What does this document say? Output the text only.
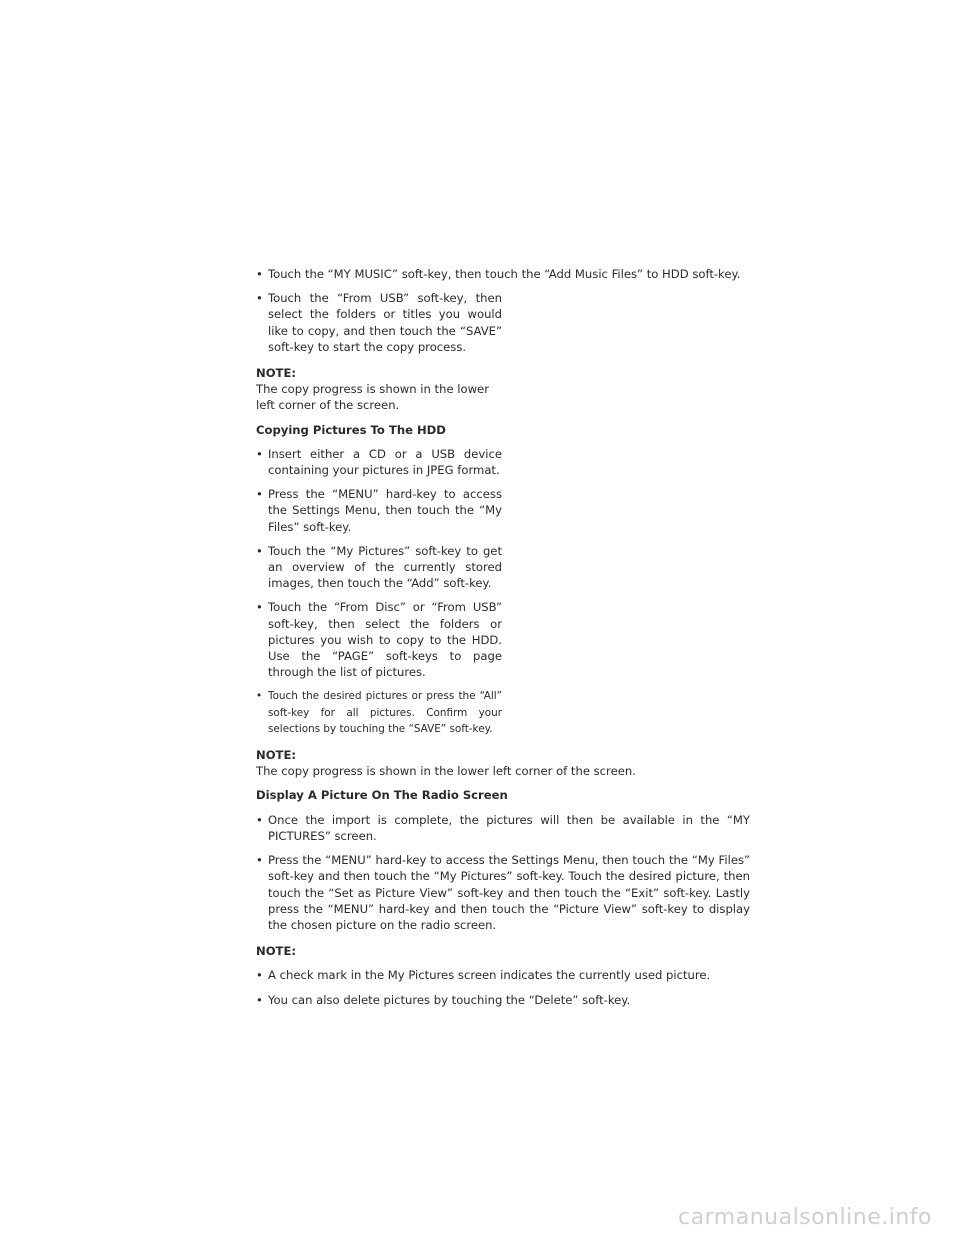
• Touch the “MY MUSIC” soft-key, then touch the “Add Music Files” to HDD soft-key.

• Touch the “From USB” soft-key, then select the folders or titles you would like to copy, and then touch the “SAVE” soft-key to start the copy process.

NOTE:

The copy progress is shown in the lower left corner of the screen.

Copying Pictures To The HDD

• Insert either a CD or a USB device containing your pictures in JPEG format.

• Press the “MENU” hard-key to access the Settings Menu, then touch the “My Files” soft-key.

• Touch the “My Pictures” soft-key to get an overview of the currently stored images, then touch the “Add” soft-key.

• Touch the “From Disc” or “From USB” soft-key, then select the folders or pictures you wish to copy to the HDD. Use the “PAGE” soft-keys to page through the list of pictures.

• Touch the desired pictures or press the “All” soft-key for all pictures. Confirm your selections by touching the “SAVE” soft-key.

NOTE:

The copy progress is shown in the lower left corner of the screen.

Display A Picture On The Radio Screen

• Once the import is complete, the pictures will then be available in the “MY PICTURES” screen.

• Press the “MENU” hard-key to access the Settings Menu, then touch the “My Files” soft-key and then touch the “My Pictures” soft-key. Touch the desired picture, then touch the “Set as Picture View” soft-key and then touch the “Exit” soft-key. Lastly press the “MENU” hard-key and then touch the “Picture View” soft-key to display the chosen picture on the radio screen.

NOTE:

• A check mark in the My Pictures screen indicates the currently used picture.

• You can also delete pictures by touching the “Delete” soft-key.

carmanualsonline.info
